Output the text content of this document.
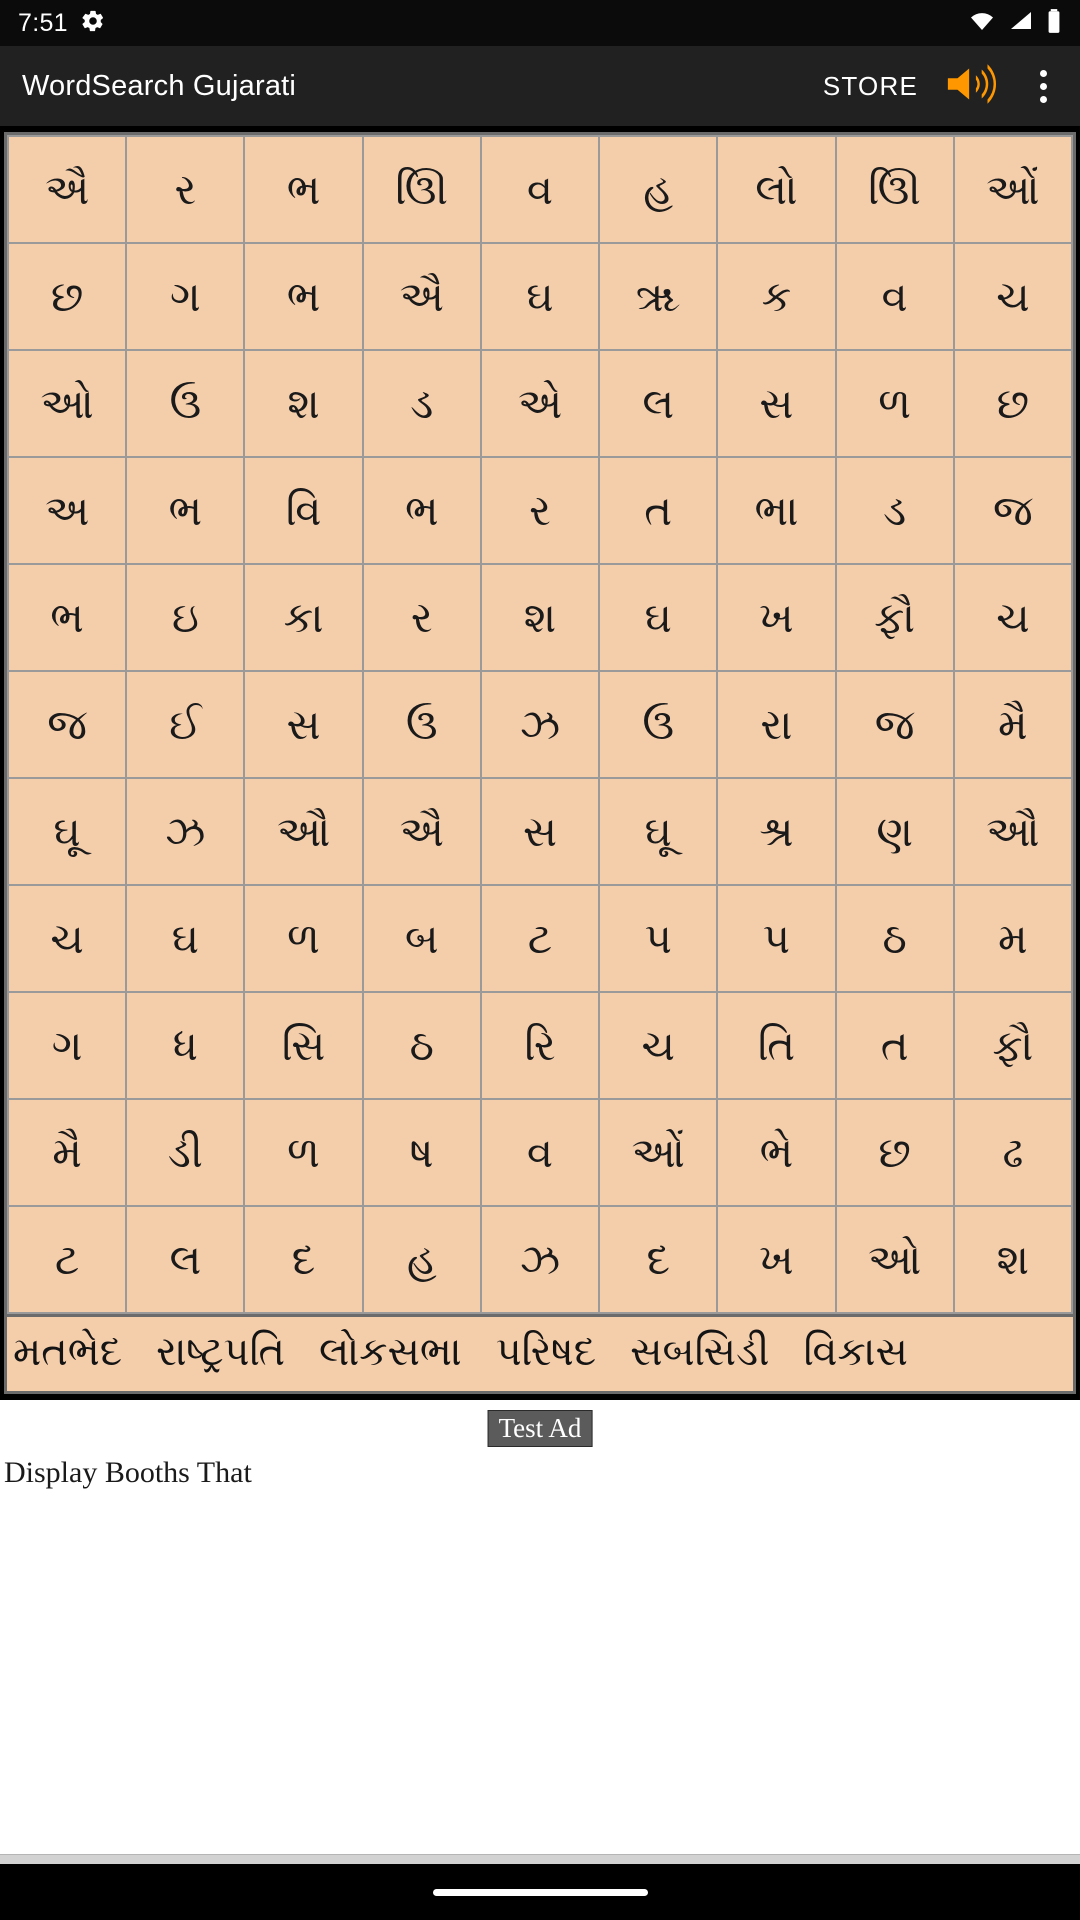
7:51
WordSearch Gujarati	STORE
ઐ	ર	ભ	ઊિ	વ	હ	લો	ઊિ	ઓં
છ	ગ	ભ	ઐ	ઘ	ૠ	ક	વ	ચ
ઓ	ઉ	શ	ડ	એ	લ	સ	ળ	છ
અ	ભ	વિ	ભ	ર	ત	ભા	ડ	જ
ભ	ઇ	કા	ર	શ	ઘ	ખ	ફૌ	ચ
જ	ઈ	સ	ઉ	ઝ	ઉ	રા	જ	મૈ
ઘૂ	ઝ	ઔ	ઐ	સ	ઘૂ	શ્ર	ણ	ઔ
ચ	ઘ	ળ	બ	ટ	પ	પ	ઠ	મ
ગ	ધ	સિ	ઠ	રિ	ચ	તિ	ત	ફૌ
મૈ	ડી	ળ	ષ	વ	ઓં	ભે	છ	ઢ
ટ	લ	દ	હ	ઝ	દ	ખ	ઓ	શ
મતભેદ રાષ્ટ્રપતિ લોકસભા પરિષદ સબસિડી વિકાસ
Test Ad
Display Booths That
